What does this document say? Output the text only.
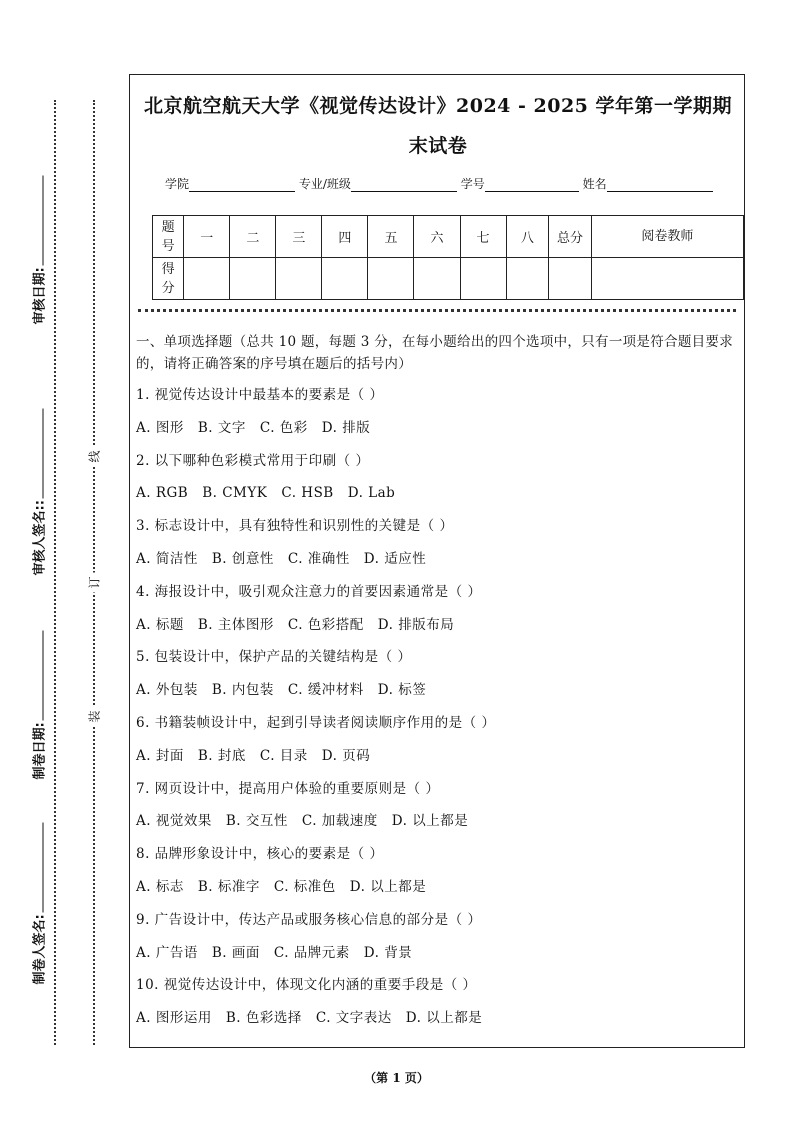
审核日期:
审核人签名::
制卷日期:
制卷人签名:
线
订
装
北京航空航天大学《视觉传达设计》2024 - 2025 学年第一学期期
末试卷
学院	专业/班级	学号	姓名
题号	一	二	三	四	五	六	七	八	总分	阅卷教师
得分										
一、单项选择题（总共 10 题，每题 3 分，在每小题给出的四个选项中，只有一项是符合题目要求的，请将正确答案的序号填在题后的括号内）
1. 视觉传达设计中最基本的要素是（ ）
A. 图形 B. 文字 C. 色彩 D. 排版
2. 以下哪种色彩模式常用于印刷（ ）
A. RGB B. CMYK C. HSB D. Lab
3. 标志设计中，具有独特性和识别性的关键是（ ）
A. 简洁性 B. 创意性 C. 准确性 D. 适应性
4. 海报设计中，吸引观众注意力的首要因素通常是（ ）
A. 标题 B. 主体图形 C. 色彩搭配 D. 排版布局
5. 包装设计中，保护产品的关键结构是（ ）
A. 外包装 B. 内包装 C. 缓冲材料 D. 标签
6. 书籍装帧设计中，起到引导读者阅读顺序作用的是（ ）
A. 封面 B. 封底 C. 目录 D. 页码
7. 网页设计中，提高用户体验的重要原则是（ ）
A. 视觉效果 B. 交互性 C. 加载速度 D. 以上都是
8. 品牌形象设计中，核心的要素是（ ）
A. 标志 B. 标准字 C. 标准色 D. 以上都是
9. 广告设计中，传达产品或服务核心信息的部分是（ ）
A. 广告语 B. 画面 C. 品牌元素 D. 背景
10. 视觉传达设计中，体现文化内涵的重要手段是（ ）
A. 图形运用 B. 色彩选择 C. 文字表达 D. 以上都是
（第 1 页）
